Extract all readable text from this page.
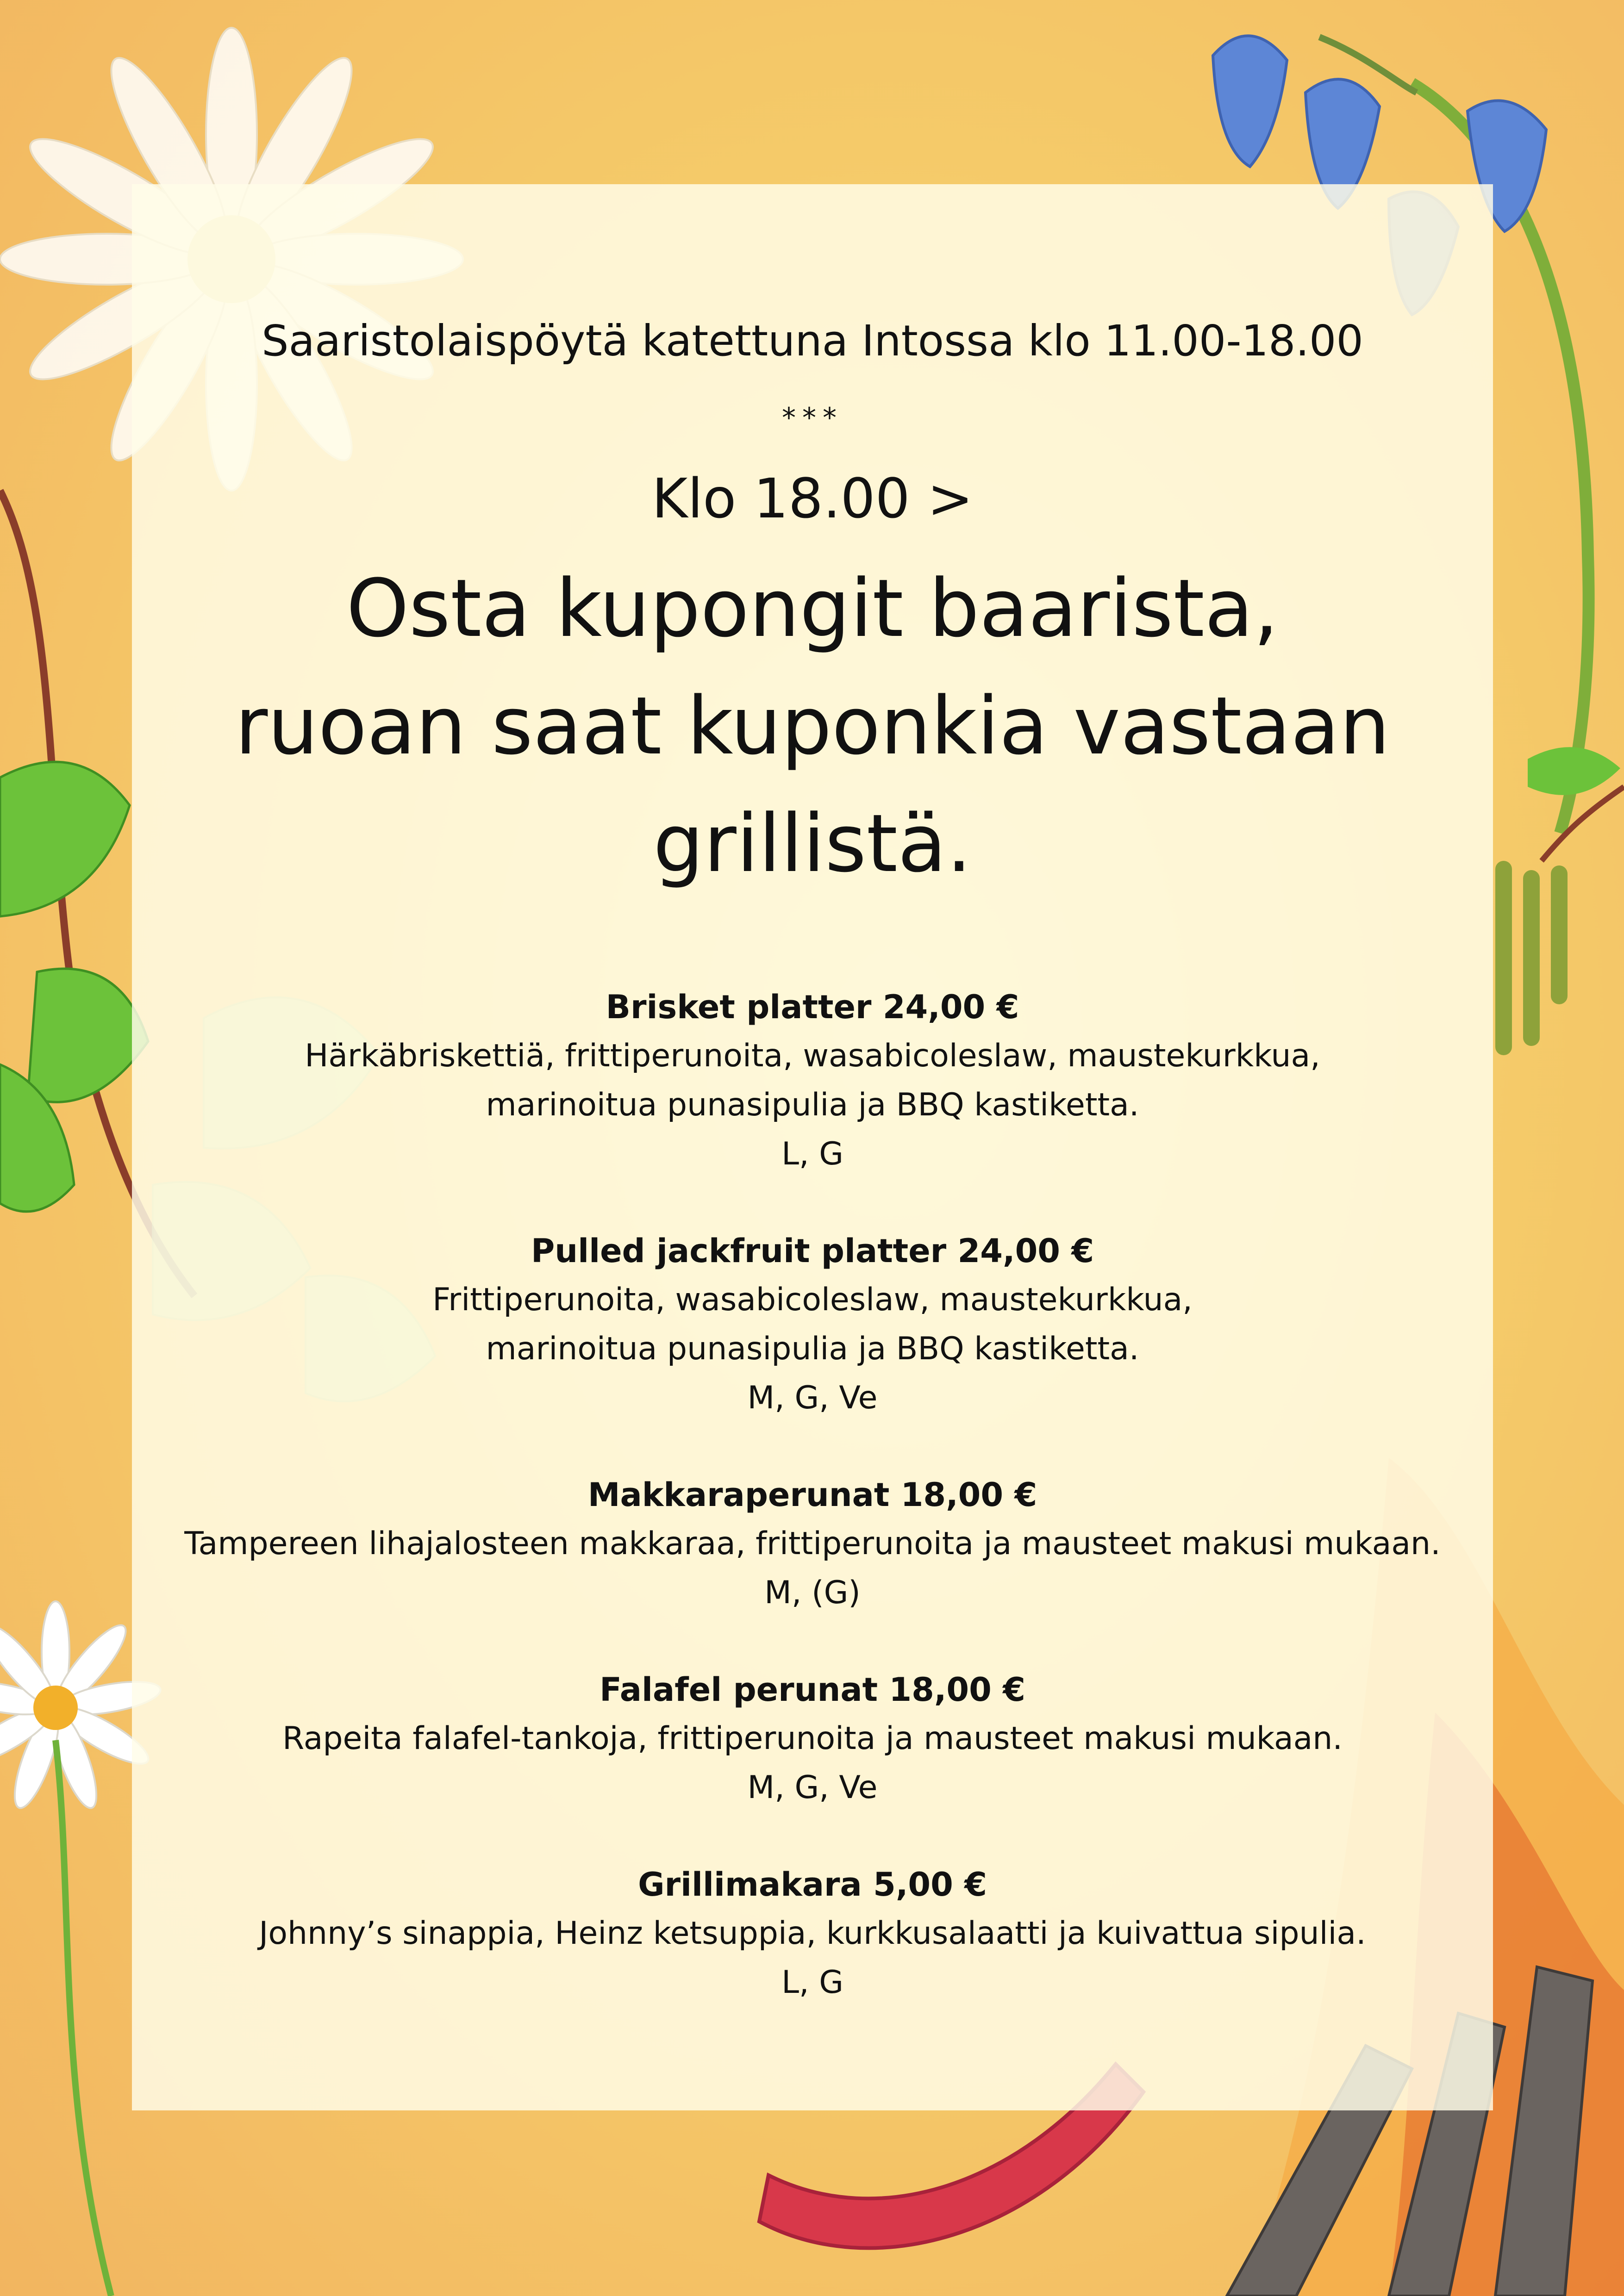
Saaristolaispöytä katettuna Intossa klo 11.00-18.00
***
Klo 18.00 >
Osta kupongit baarista,
ruoan saat kuponkia vastaan
grillistä.
Brisket platter 24,00 €
Härkäbriskettiä, frittiperunoita, wasabicoleslaw, maustekurkkua,
marinoitua punasipulia ja BBQ kastiketta.
L, G
Pulled jackfruit platter 24,00 €
Frittiperunoita, wasabicoleslaw, maustekurkkua,
marinoitua punasipulia ja BBQ kastiketta.
M, G, Ve
Makkaraperunat 18,00 €
Tampereen lihajalosteen makkaraa, frittiperunoita ja mausteet makusi mukaan.
M, (G)
Falafel perunat 18,00 €
Rapeita falafel-tankoja, frittiperunoita ja mausteet makusi mukaan.
M, G, Ve
Grillimakara 5,00 €
Johnny’s sinappia, Heinz ketsuppia, kurkkusalaatti ja kuivattua sipulia.
L, G
